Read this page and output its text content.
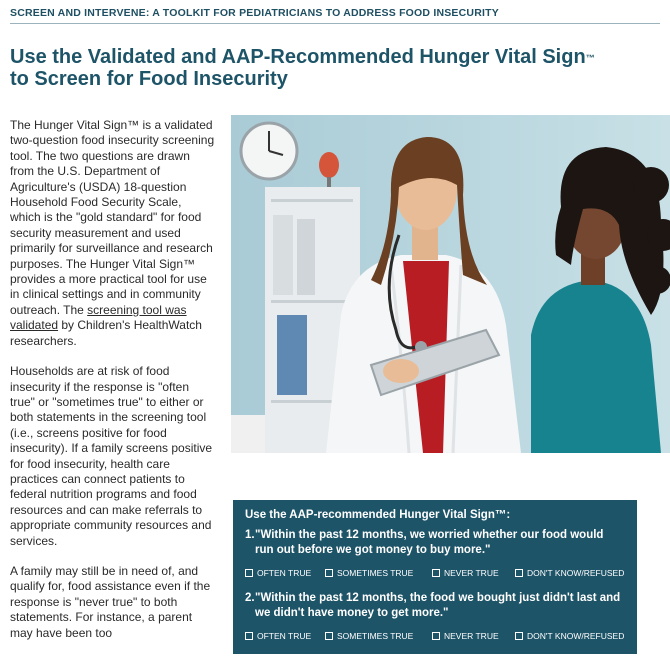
SCREEN AND INTERVENE: A TOOLKIT FOR PEDIATRICIANS TO ADDRESS FOOD INSECURITY
Use the Validated and AAP-Recommended Hunger Vital Sign™
to Screen for Food Insecurity

The Hunger Vital Sign™ is a validated two-question food insecurity screening tool. The two questions are drawn from the U.S. Department of Agriculture's (USDA) 18-question Household Food Security Scale, which is the "gold standard" for food security measurement and used primarily for surveillance and research purposes. The Hunger Vital Sign™ provides a more practical tool for use in clinical settings and in community outreach. The screening tool was validated by Children's HealthWatch researchers.

Households are at risk of food insecurity if the response is "often true" or "sometimes true" to either or both statements in the screening tool (i.e., screens positive for food insecurity). If a family screens positive for food insecurity, health care practices can connect patients to federal nutrition programs and food resources and can make referrals to appropriate community resources and services.

A family may still be in need of, and qualify for, food assistance even if the response is "never true" to both statements. For instance, a parent may have been too

Use the AAP-recommended Hunger Vital Sign™:
1."Within the past 12 months, we worried whether our food would run out before we got money to buy more."
OFTEN TRUE	SOMETIMES TRUE	NEVER TRUE	DON'T KNOW/REFUSED
2."Within the past 12 months, the food we bought just didn't last and we didn't have money to get more."
OFTEN TRUE	SOMETIMES TRUE	NEVER TRUE	DON'T KNOW/REFUSED
